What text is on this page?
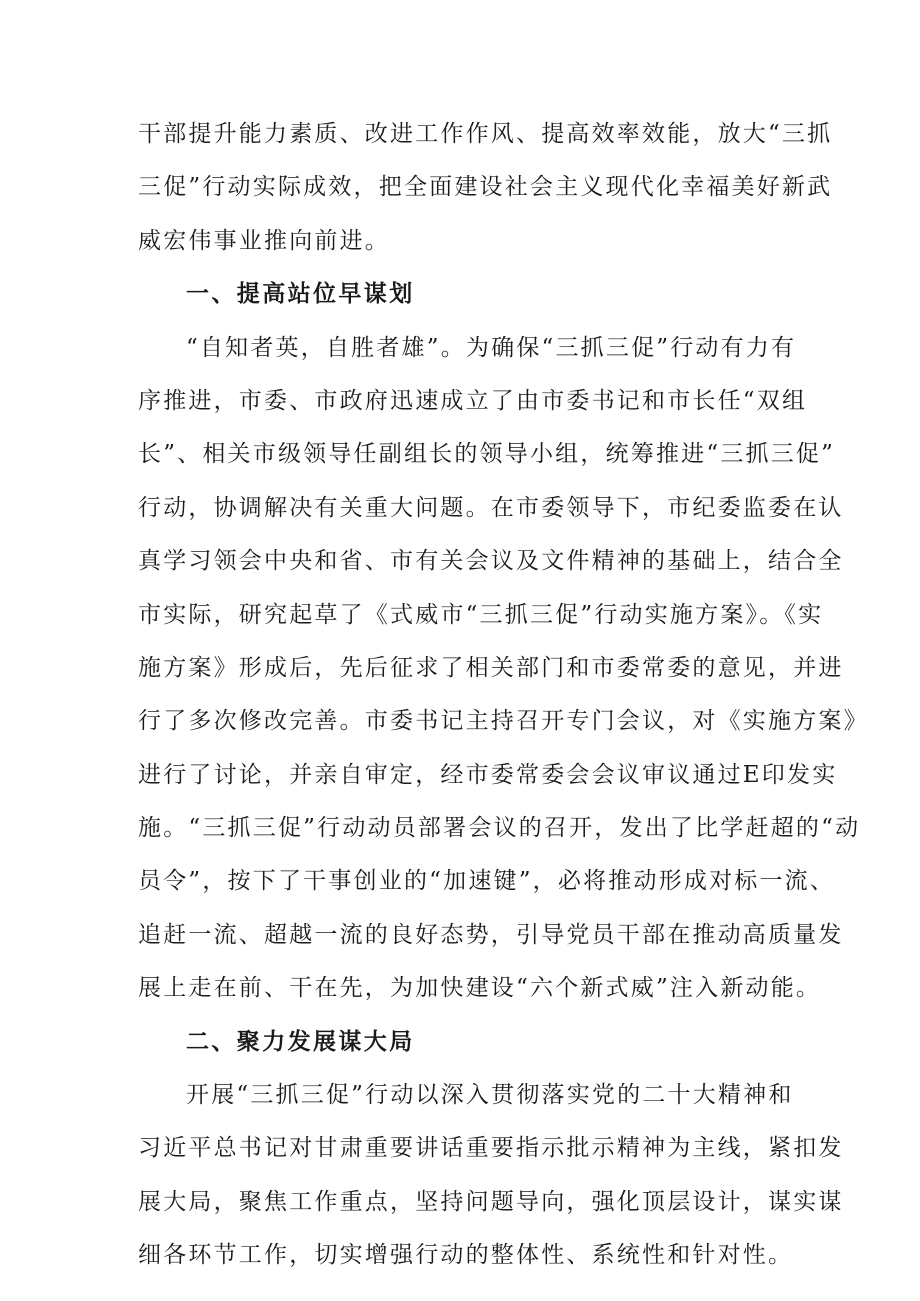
干部提升能力素质、改进工作作风、提高效率效能，放大“三抓
三促”行动实际成效，把全面建设社会主义现代化幸福美好新武
威宏伟事业推向前进。
一、提高站位早谋划
“自知者英，自胜者雄”。为确保“三抓三促”行动有力有
序推进，市委、市政府迅速成立了由市委书记和市长任“双组
长”、相关市级领导任副组长的领导小组，统筹推进“三抓三促”
行动，协调解决有关重大问题。在市委领导下，市纪委监委在认
真学习领会中央和省、市有关会议及文件精神的基础上，结合全
市实际，研究起草了《式威市“三抓三促”行动实施方案》。《实
施方案》形成后，先后征求了相关部门和市委常委的意见，并进
行了多次修改完善。市委书记主持召开专门会议，对《实施方案》
进行了讨论，并亲自审定，经市委常委会会议审议通过E印发实
施。“三抓三促”行动动员部署会议的召开，发出了比学赶超的“动
员令”，按下了干事创业的“加速键”，必将推动形成对标一流、
追赶一流、超越一流的良好态势，引导党员干部在推动高质量发
展上走在前、干在先，为加快建设“六个新式威”注入新动能。
二、聚力发展谋大局
开展“三抓三促”行动以深入贯彻落实党的二十大精神和
习近平总书记对甘肃重要讲话重要指示批示精神为主线，紧扣发
展大局，聚焦工作重点，坚持问题导向，强化顶层设计，谋实谋
细各环节工作，切实增强行动的整体性、系统性和针对性。
